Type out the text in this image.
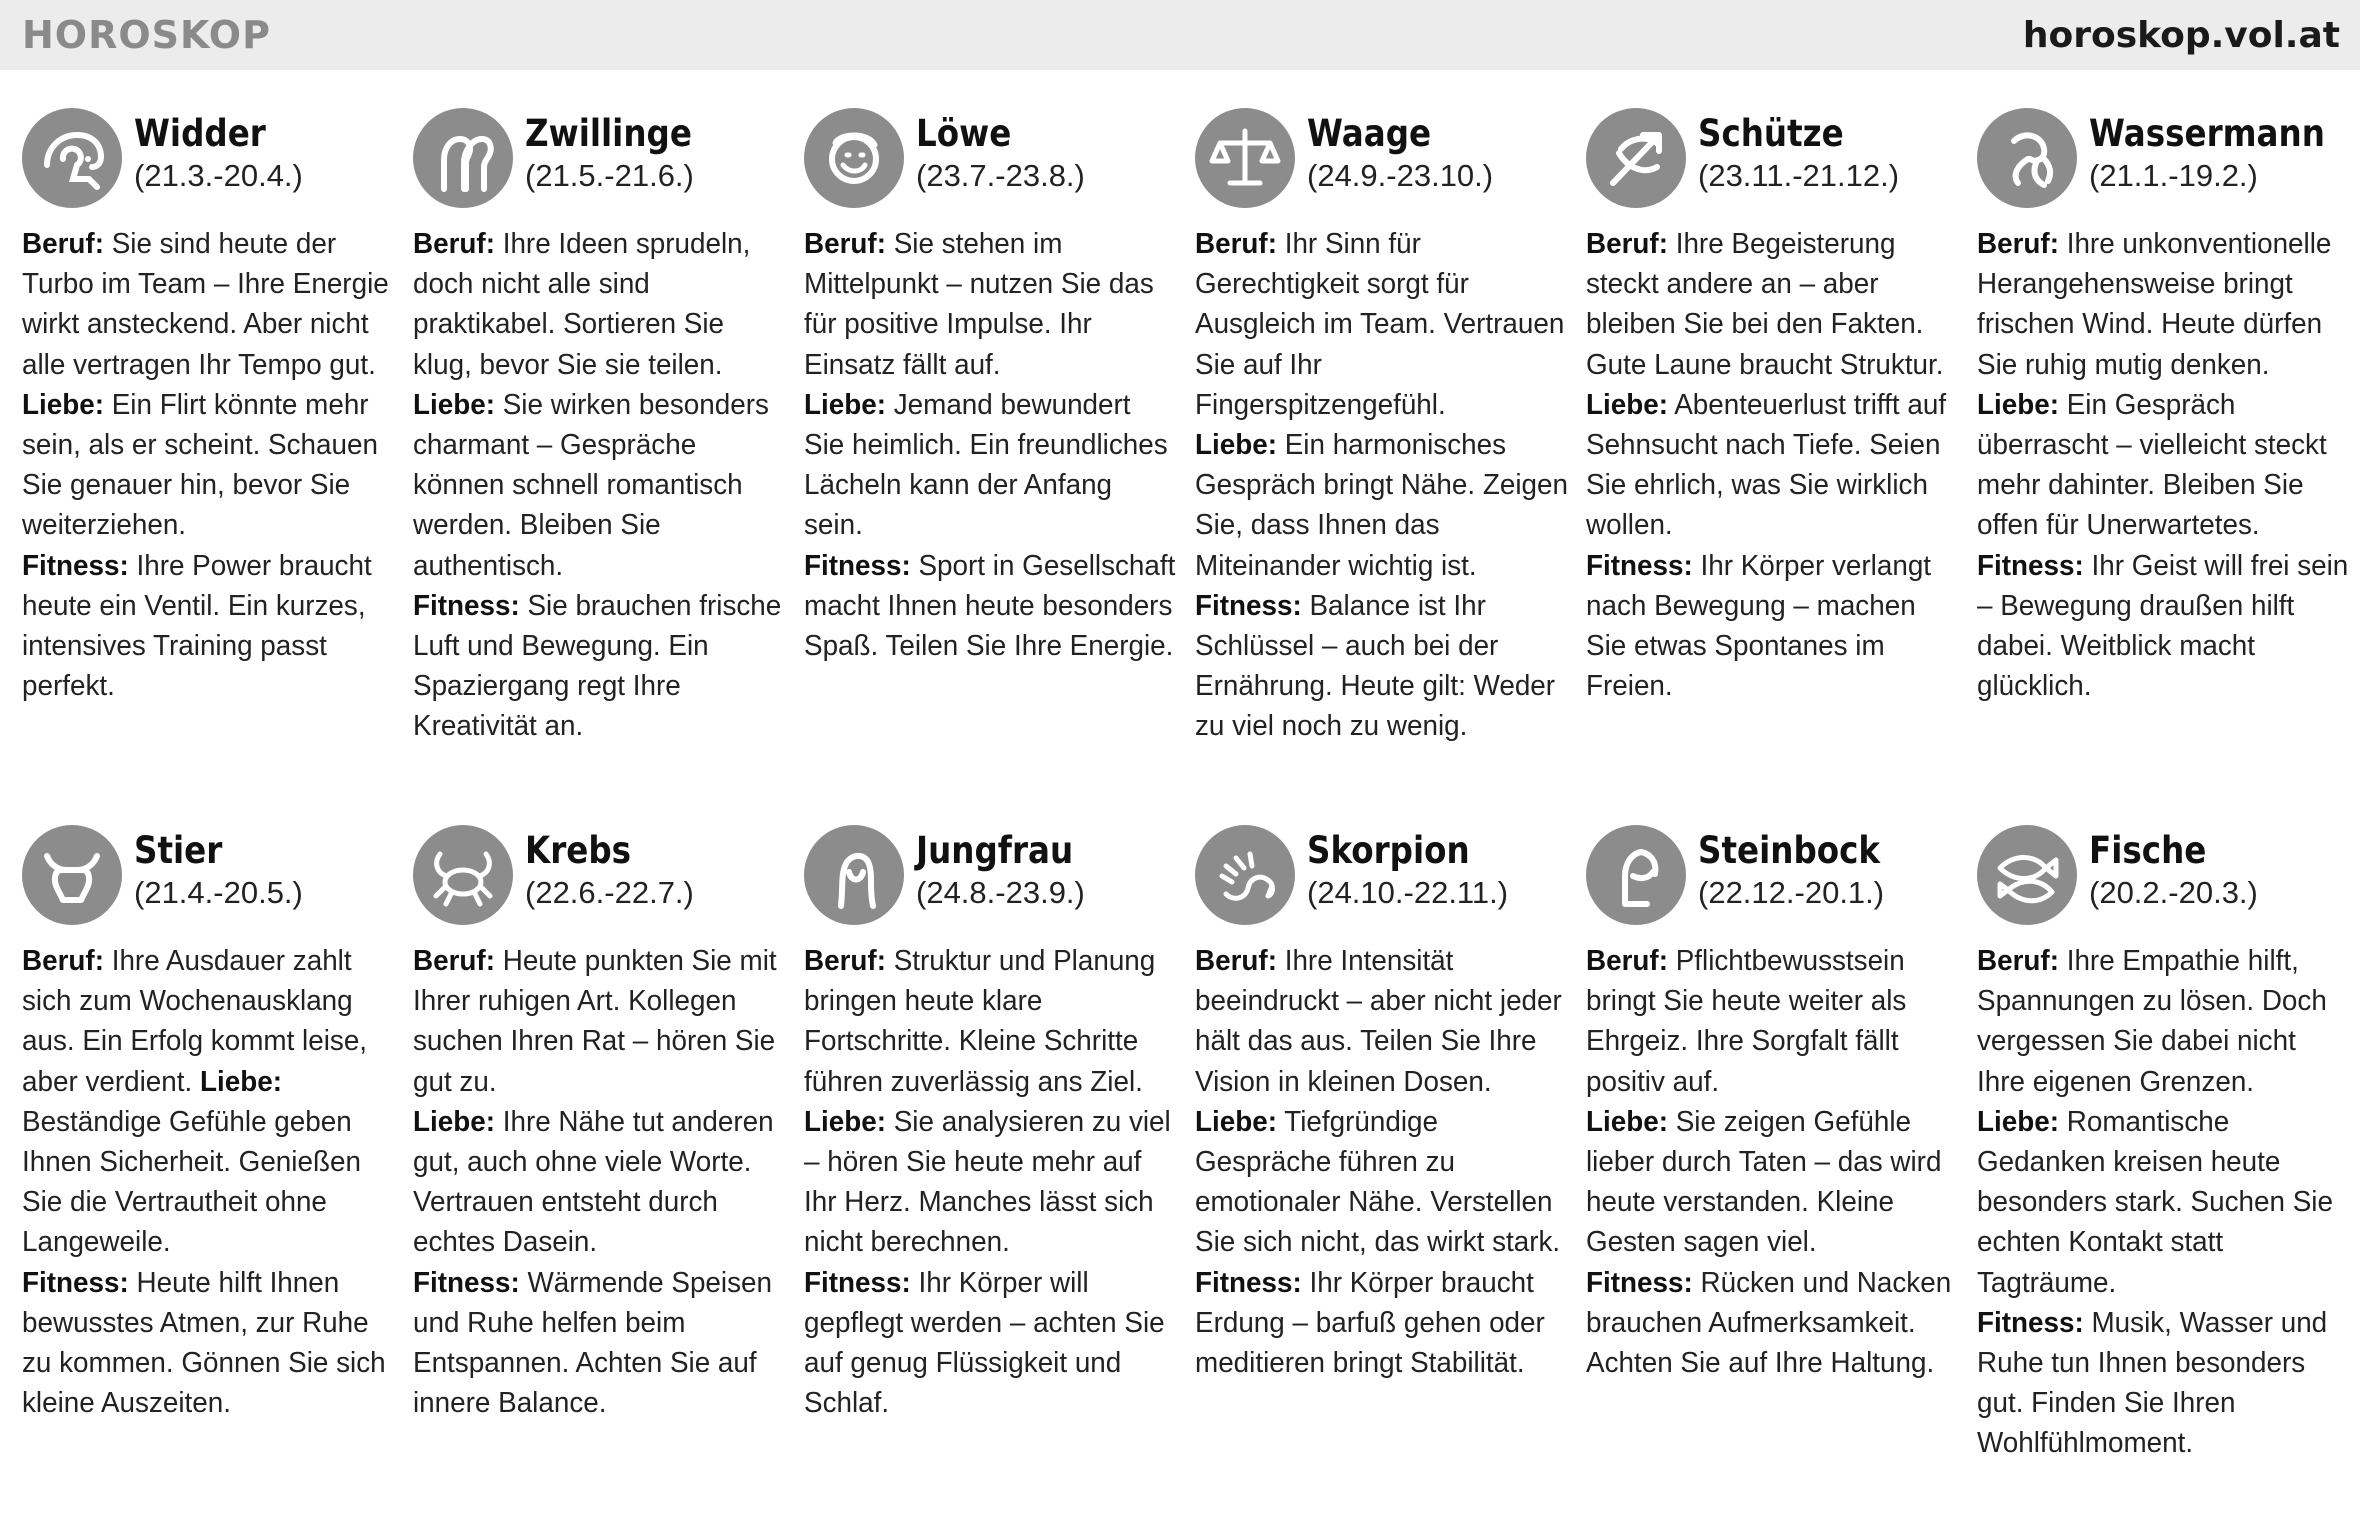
HOROSKOP	horoskop.vol.at
Widder
(21.3.-20.4.)
Beruf: Sie sind heute der Turbo im Team – Ihre Energie wirkt ansteckend. Aber nicht alle vertragen Ihr Tempo gut.
Liebe: Ein Flirt könnte mehr sein, als er scheint. Schauen Sie genauer hin, bevor Sie weiterziehen.
Fitness: Ihre Power braucht heute ein Ventil. Ein kurzes, intensives Training passt perfekt.
Zwillinge
(21.5.-21.6.)
Beruf: Ihre Ideen sprudeln, doch nicht alle sind praktikabel. Sortieren Sie klug, bevor Sie sie teilen.
Liebe: Sie wirken besonders charmant – Gespräche können schnell romantisch werden. Bleiben Sie authentisch.
Fitness: Sie brauchen frische Luft und Bewegung. Ein Spaziergang regt Ihre Kreativität an.
Löwe
(23.7.-23.8.)
Beruf: Sie stehen im Mittelpunkt – nutzen Sie das für positive Impulse. Ihr Einsatz fällt auf.
Liebe: Jemand bewundert Sie heimlich. Ein freundliches Lächeln kann der Anfang sein.
Fitness: Sport in Gesellschaft macht Ihnen heute besonders Spaß. Teilen Sie Ihre Energie.
Waage
(24.9.-23.10.)
Beruf: Ihr Sinn für Gerechtigkeit sorgt für Ausgleich im Team. Vertrauen Sie auf Ihr Fingerspitzengefühl.
Liebe: Ein harmonisches Gespräch bringt Nähe. Zeigen Sie, dass Ihnen das Miteinander wichtig ist. Fitness: Balance ist Ihr Schlüssel – auch bei der Ernährung. Heute gilt: Weder zu viel noch zu wenig.
Schütze
(23.11.-21.12.)
Beruf: Ihre Begeisterung steckt andere an – aber bleiben Sie bei den Fakten. Gute Laune braucht Struktur.
Liebe: Abenteuerlust trifft auf Sehnsucht nach Tiefe. Seien Sie ehrlich, was Sie wirklich wollen.
Fitness: Ihr Körper verlangt nach Bewegung – machen Sie etwas Spontanes im Freien.
Wassermann
(21.1.-19.2.)
Beruf: Ihre unkonventionelle Herangehensweise bringt frischen Wind. Heute dürfen Sie ruhig mutig denken.
Liebe: Ein Gespräch überrascht – vielleicht steckt mehr dahinter. Bleiben Sie offen für Unerwartetes.
Fitness: Ihr Geist will frei sein – Bewegung draußen hilft dabei. Weitblick macht glücklich.
Stier
(21.4.-20.5.)
Beruf: Ihre Ausdauer zahlt sich zum Wochenausklang aus. Ein Erfolg kommt leise, aber verdient. Liebe: Beständige Gefühle geben Ihnen Sicherheit. Genießen Sie die Vertrautheit ohne Langeweile.
Fitness: Heute hilft Ihnen bewusstes Atmen, zur Ruhe zu kommen. Gönnen Sie sich kleine Auszeiten.
Krebs
(22.6.-22.7.)
Beruf: Heute punkten Sie mit Ihrer ruhigen Art. Kollegen suchen Ihren Rat – hören Sie gut zu.
Liebe: Ihre Nähe tut anderen gut, auch ohne viele Worte. Vertrauen entsteht durch echtes Dasein.
Fitness: Wärmende Speisen und Ruhe helfen beim Entspannen. Achten Sie auf innere Balance.
Jungfrau
(24.8.-23.9.)
Beruf: Struktur und Planung bringen heute klare Fortschritte. Kleine Schritte führen zuverlässig ans Ziel.
Liebe: Sie analysieren zu viel – hören Sie heute mehr auf Ihr Herz. Manches lässt sich nicht berechnen.
Fitness: Ihr Körper will gepflegt werden – achten Sie auf genug Flüssigkeit und Schlaf.
Skorpion
(24.10.-22.11.)
Beruf: Ihre Intensität beeindruckt – aber nicht jeder hält das aus. Teilen Sie Ihre Vision in kleinen Dosen.
Liebe: Tiefgründige Gespräche führen zu emotionaler Nähe. Verstellen Sie sich nicht, das wirkt stark.
Fitness: Ihr Körper braucht Erdung – barfuß gehen oder meditieren bringt Stabilität.
Steinbock
(22.12.-20.1.)
Beruf: Pflichtbewusstsein bringt Sie heute weiter als Ehrgeiz. Ihre Sorgfalt fällt positiv auf.
Liebe: Sie zeigen Gefühle lieber durch Taten – das wird heute verstanden. Kleine Gesten sagen viel.
Fitness: Rücken und Nacken brauchen Aufmerksamkeit. Achten Sie auf Ihre Haltung.
Fische
(20.2.-20.3.)
Beruf: Ihre Empathie hilft, Spannungen zu lösen. Doch vergessen Sie dabei nicht Ihre eigenen Grenzen.
Liebe: Romantische Gedanken kreisen heute besonders stark. Suchen Sie echten Kontakt statt Tagträume.
Fitness: Musik, Wasser und Ruhe tun Ihnen besonders gut. Finden Sie Ihren Wohlfühlmoment.
